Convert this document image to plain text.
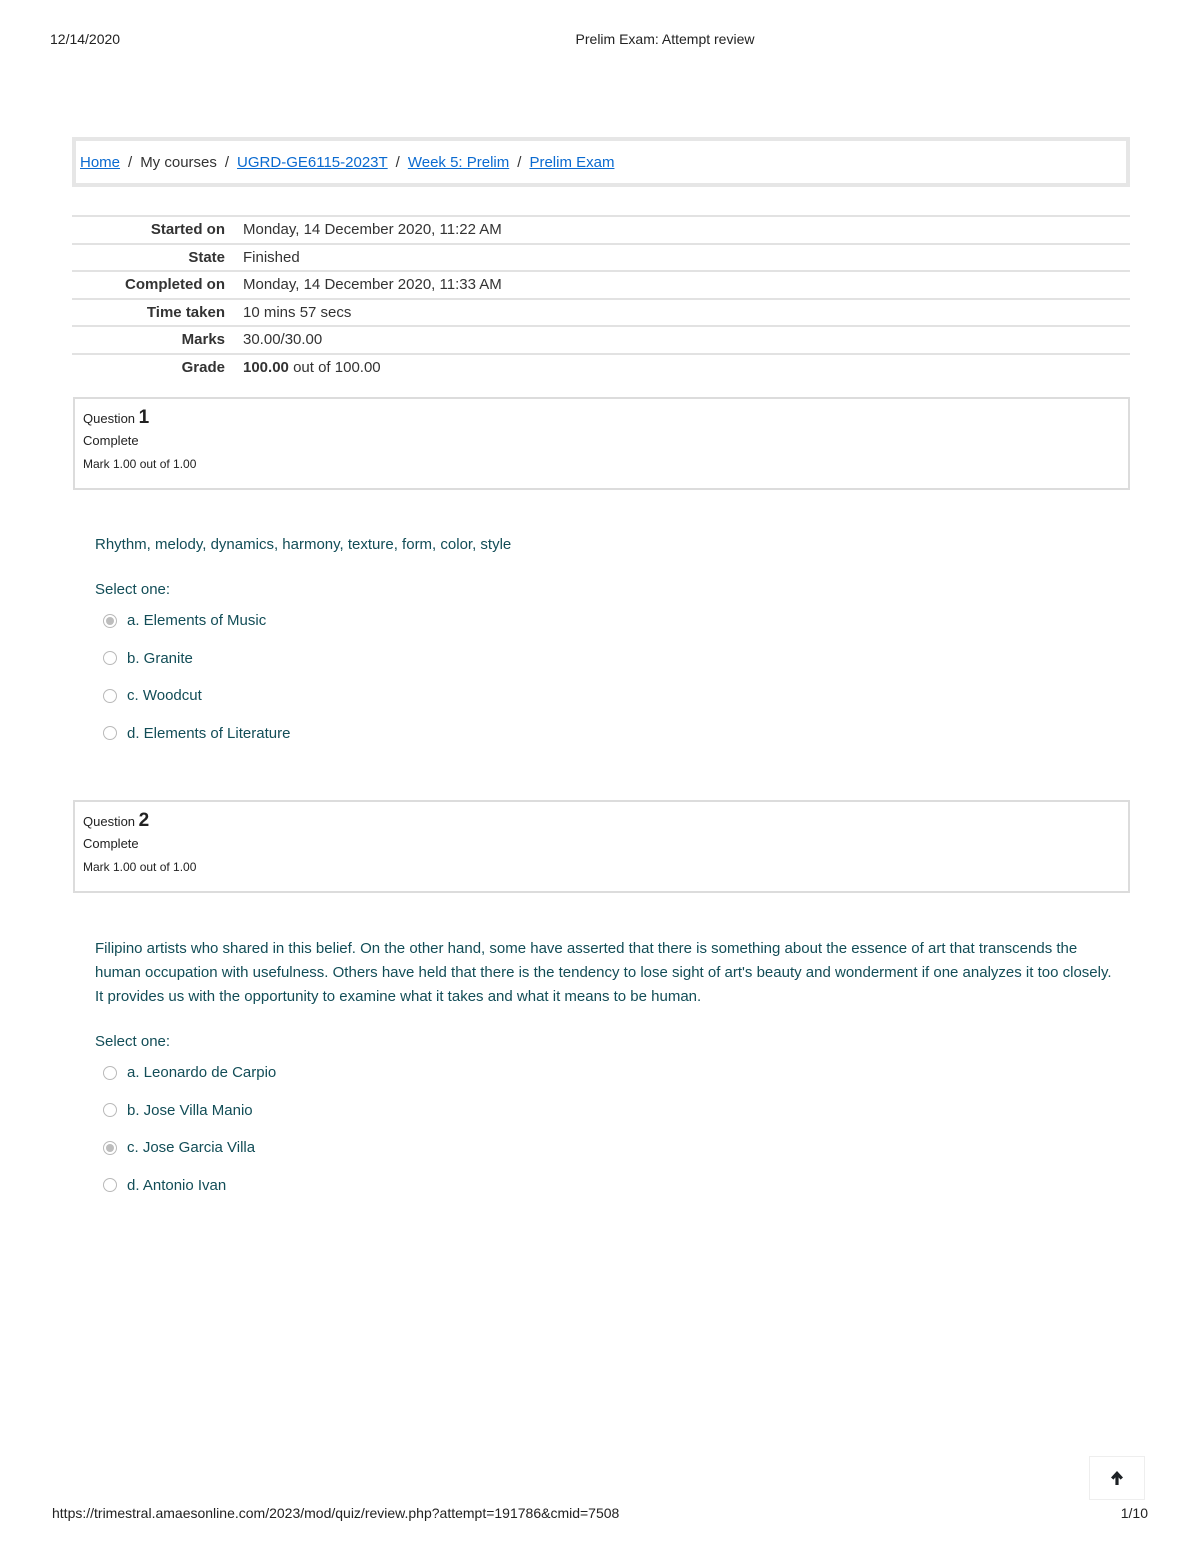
12/14/2020	Prelim Exam: Attempt review
Home / My courses / UGRD-GE6115-2023T / Week 5: Prelim / Prelim Exam
Started on	Monday, 14 December 2020, 11:22 AM
State	Finished
Completed on	Monday, 14 December 2020, 11:33 AM
Time taken	10 mins 57 secs
Marks	30.00/30.00
Grade	100.00 out of 100.00
Question 1
Complete
Mark 1.00 out of 1.00
Rhythm, melody, dynamics, harmony, texture, form, color, style
Select one:
a. Elements of Music
b. Granite
c. Woodcut
d. Elements of Literature
Question 2
Complete
Mark 1.00 out of 1.00
Filipino artists who shared in this belief. On the other hand, some have asserted that there is something about the essence of art that transcends the human occupation with usefulness. Others have held that there is the tendency to lose sight of art's beauty and wonderment if one analyzes it too closely. It provides us with the opportunity to examine what it takes and what it means to be human.
Select one:
a. Leonardo de Carpio
b. Jose Villa Manio
c. Jose Garcia Villa
d. Antonio Ivan
https://trimestral.amaesonline.com/2023/mod/quiz/review.php?attempt=191786&cmid=7508	1/10
